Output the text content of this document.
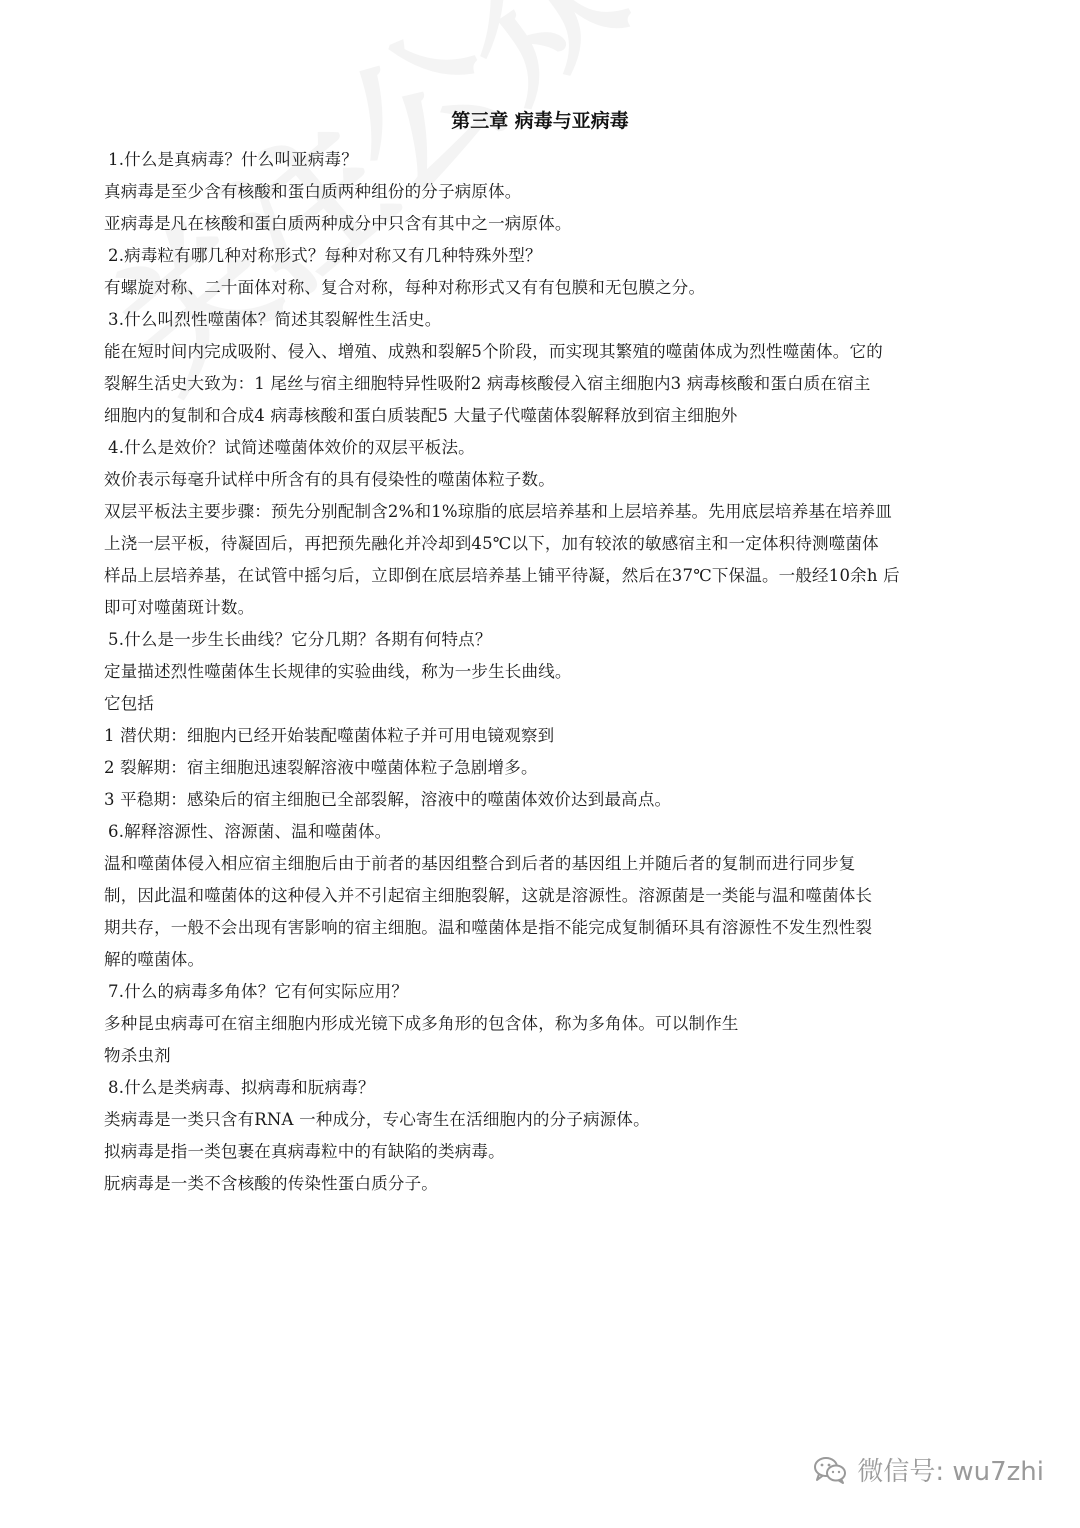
第三章 病毒与亚病毒
1.什么是真病毒？什么叫亚病毒？
真病毒是至少含有核酸和蛋白质两种组份的分子病原体。
亚病毒是凡在核酸和蛋白质两种成分中只含有其中之一病原体。
2.病毒粒有哪几种对称形式？每种对称又有几种特殊外型？
有螺旋对称、二十面体对称、复合对称，每种对称形式又有有包膜和无包膜之分。
3.什么叫烈性噬菌体？简述其裂解性生活史。
能在短时间内完成吸附、侵入、增殖、成熟和裂解5个阶段，而实现其繁殖的噬菌体成为烈性噬菌体。它的
裂解生活史大致为：1 尾丝与宿主细胞特异性吸附2 病毒核酸侵入宿主细胞内3 病毒核酸和蛋白质在宿主
细胞内的复制和合成4 病毒核酸和蛋白质装配5 大量子代噬菌体裂解释放到宿主细胞外
4.什么是效价？试简述噬菌体效价的双层平板法。
效价表示每毫升试样中所含有的具有侵染性的噬菌体粒子数。
双层平板法主要步骤：预先分别配制含2%和1%琼脂的底层培养基和上层培养基。先用底层培养基在培养皿
上浇一层平板，待凝固后，再把预先融化并冷却到45℃以下，加有较浓的敏感宿主和一定体积待测噬菌体
样品上层培养基，在试管中摇匀后，立即倒在底层培养基上铺平待凝，然后在37℃下保温。一般经10余h 后
即可对噬菌斑计数。
5.什么是一步生长曲线？它分几期？各期有何特点？
定量描述烈性噬菌体生长规律的实验曲线，称为一步生长曲线。
它包括
1 潜伏期：细胞内已经开始装配噬菌体粒子并可用电镜观察到
2 裂解期：宿主细胞迅速裂解溶液中噬菌体粒子急剧增多。
3 平稳期：感染后的宿主细胞已全部裂解，溶液中的噬菌体效价达到最高点。
6.解释溶源性、溶源菌、温和噬菌体。
温和噬菌体侵入相应宿主细胞后由于前者的基因组整合到后者的基因组上并随后者的复制而进行同步复
制，因此温和噬菌体的这种侵入并不引起宿主细胞裂解，这就是溶源性。溶源菌是一类能与温和噬菌体长
期共存，一般不会出现有害影响的宿主细胞。温和噬菌体是指不能完成复制循环具有溶源性不发生烈性裂
解的噬菌体。
7.什么的病毒多角体？它有何实际应用？
多种昆虫病毒可在宿主细胞内形成光镜下成多角形的包含体，称为多角体。可以制作生
物杀虫剂
8.什么是类病毒、拟病毒和朊病毒？
类病毒是一类只含有RNA 一种成分，专心寄生在活细胞内的分子病源体。
拟病毒是指一类包裹在真病毒粒中的有缺陷的类病毒。
朊病毒是一类不含核酸的传染性蛋白质分子。
微信号: wu7zhi
